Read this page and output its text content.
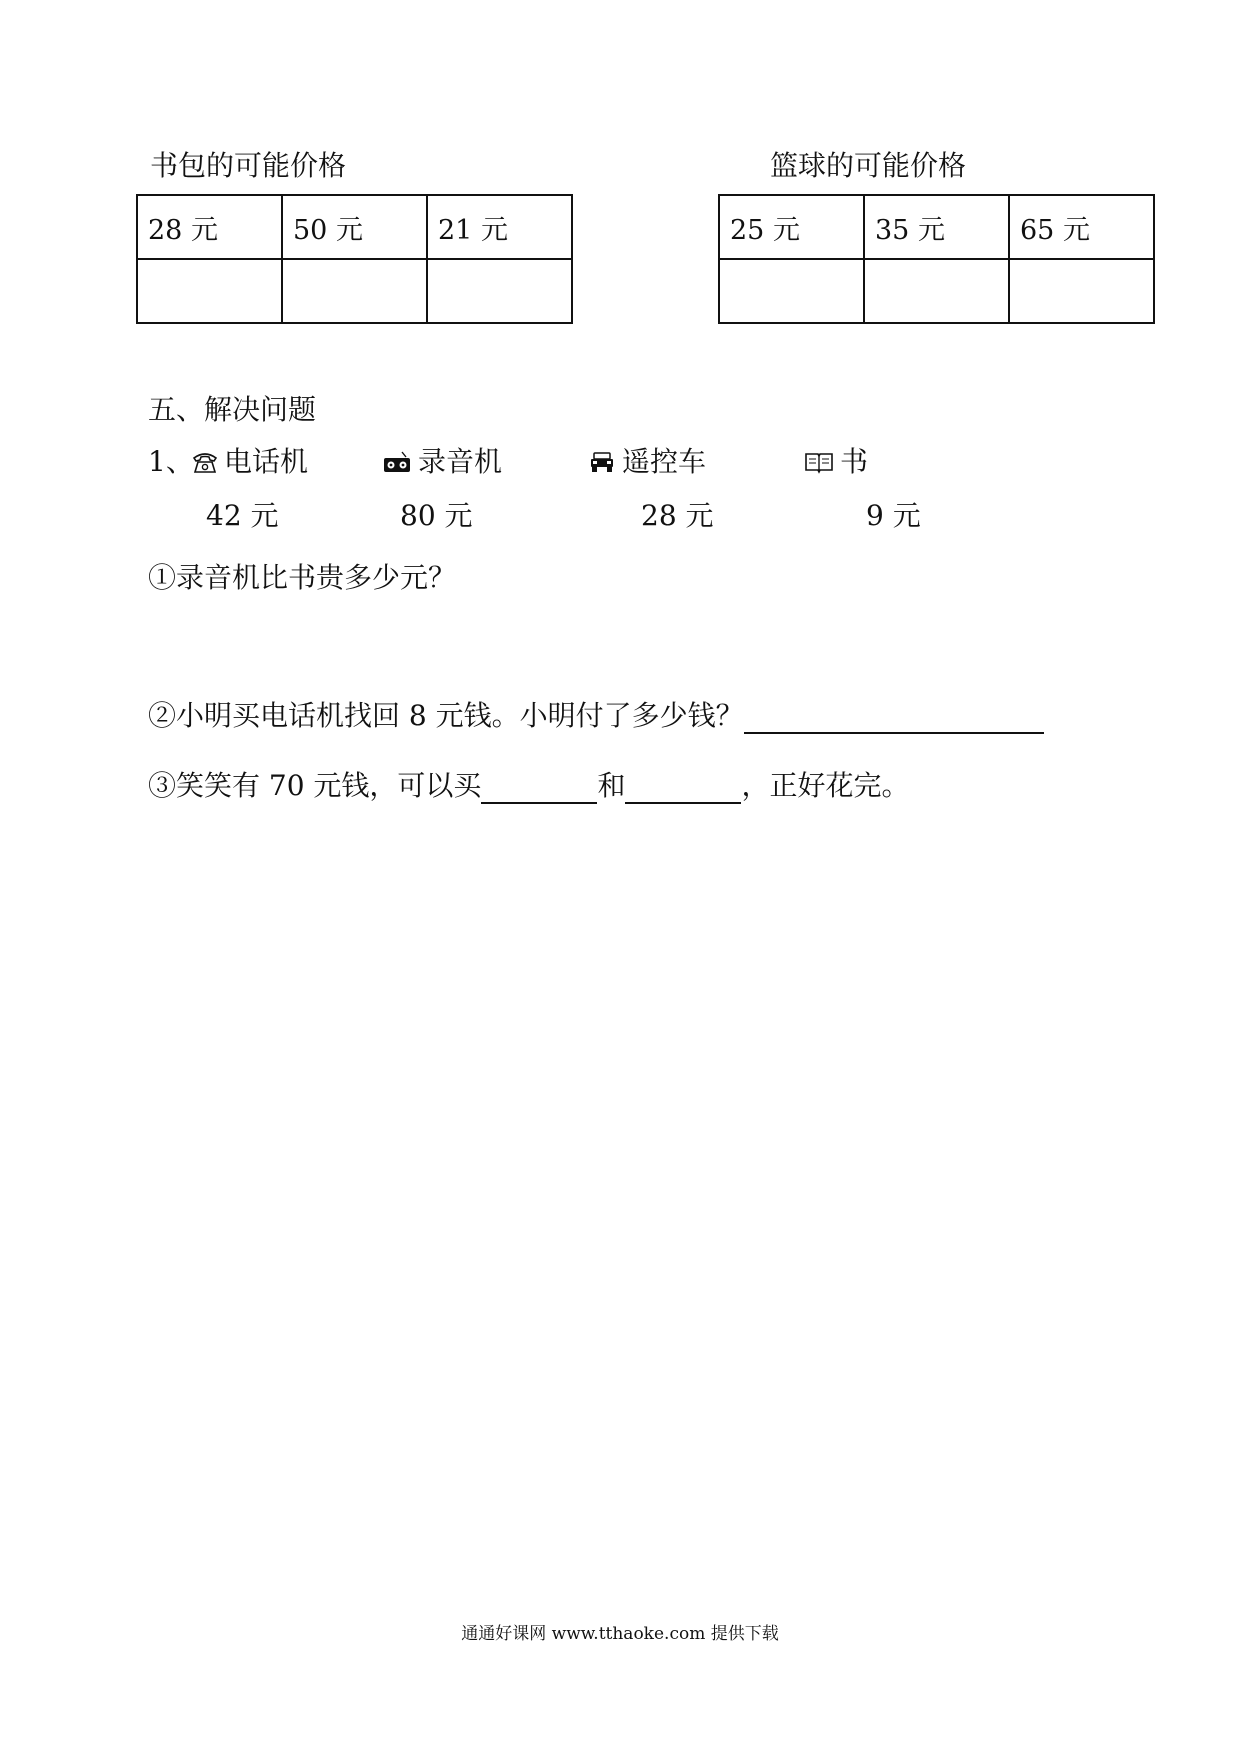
书包的可能价格
28 元	50 元	21 元

篮球的可能价格
25 元	35 元	65 元

五、解决问题
1、	电话机	录音机	遥控车	书
42 元	80 元	28 元	9 元
①录音机比书贵多少元？
②小明买电话机找回 8 元钱。小明付了多少钱？
③笑笑有 70 元钱，可以买	和	，正好花完。
通通好课网 www.tthaoke.com 提供下载
